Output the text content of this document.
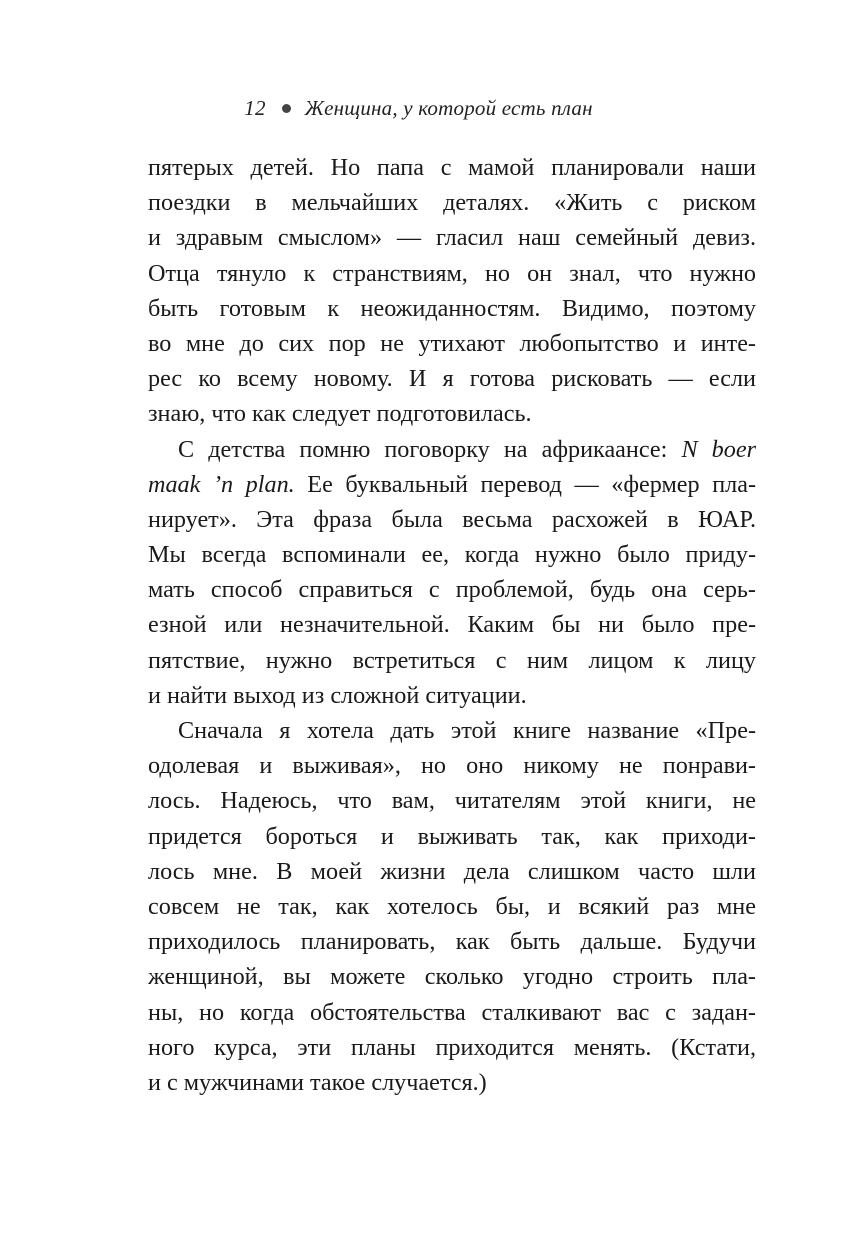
12 Женщина, у которой есть план
пятерых детей. Но папа с мамой планировали наши
поездки в мельчайших деталях. «Жить с риском
и здравым смыслом» — гласил наш семейный девиз.
Отца тянуло к странствиям, но он знал, что нужно
быть готовым к неожиданностям. Видимо, поэтому
во мне до сих пор не утихают любопытство и инте-
рес ко всему новому. И я готова рисковать — если
знаю, что как следует подготовилась.
С детства помню поговорку на африкаансе: N boer
maak ’n plan. Ее буквальный перевод — «фермер пла-
нирует». Эта фраза была весьма расхожей в ЮАР.
Мы всегда вспоминали ее, когда нужно было приду-
мать способ справиться с проблемой, будь она серь-
езной или незначительной. Каким бы ни было пре-
пятствие, нужно встретиться с ним лицом к лицу
и найти выход из сложной ситуации.
Сначала я хотела дать этой книге название «Пре-
одолевая и выживая», но оно никому не понрави-
лось. Надеюсь, что вам, читателям этой книги, не
придется бороться и выживать так, как приходи-
лось мне. В моей жизни дела слишком часто шли
совсем не так, как хотелось бы, и всякий раз мне
приходилось планировать, как быть дальше. Будучи
женщиной, вы можете сколько угодно строить пла-
ны, но когда обстоятельства сталкивают вас с задан-
ного курса, эти планы приходится менять. (Кстати,
и с мужчинами такое случается.)
